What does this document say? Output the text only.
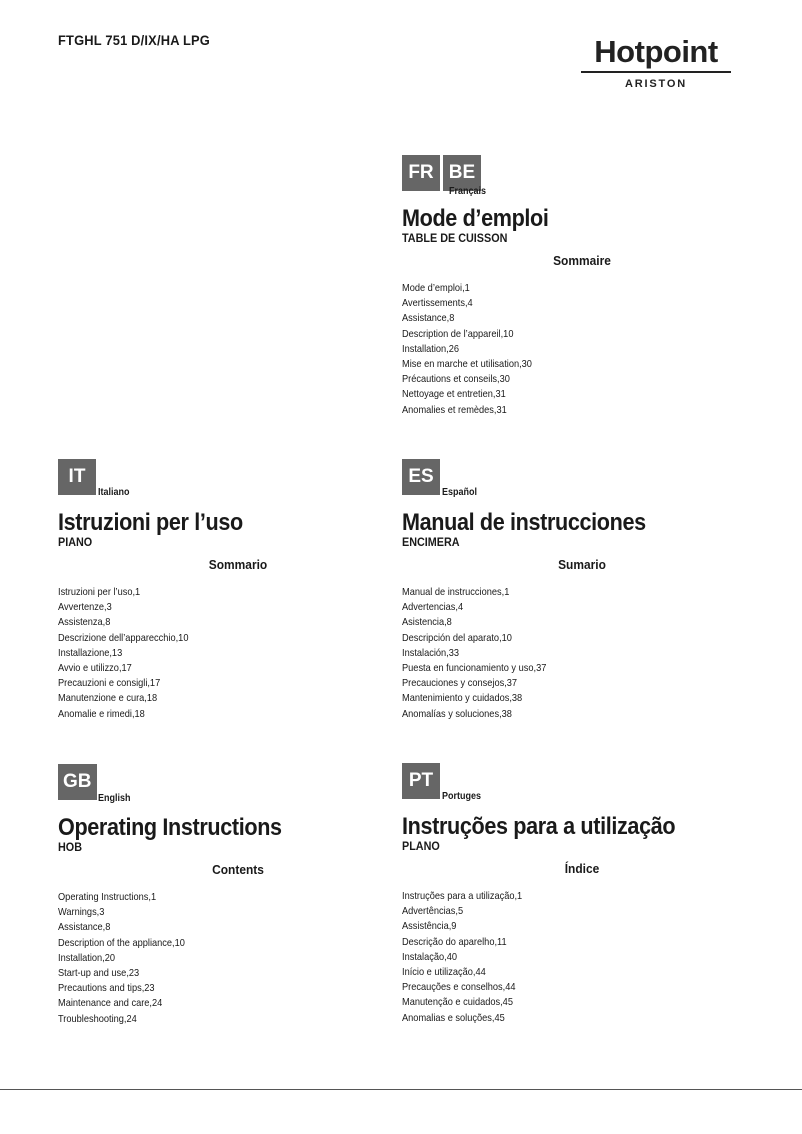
FTGHL 751 D/IX/HA LPG	Hotpoint
ARISTON
FR BE
Français
Mode d’emploi
TABLE DE CUISSON
Sommaire
Mode d’emploi,1
Avertissements,4
Assistance,8
Description de l’appareil,10
Installation,26
Mise en marche et utilisation,30
Précautions et conseils,30
Nettoyage et entretien,31
Anomalies et remèdes,31
IT
Italiano
Istruzioni per l’uso
PIANO
Sommario
Istruzioni per l’uso,1
Avvertenze,3
Assistenza,8
Descrizione dell’apparecchio,10
Installazione,13
Avvio e utilizzo,17
Precauzioni e consigli,17
Manutenzione e cura,18
Anomalie e rimedi,18
ES
Español
Manual de instrucciones
ENCIMERA
Sumario
Manual de instrucciones,1
Advertencias,4
Asistencia,8
Descripción del aparato,10
Instalación,33
Puesta en funcionamiento y uso,37
Precauciones y consejos,37
Mantenimiento y cuidados,38
Anomalías y soluciones,38
GB
English
Operating Instructions
HOB
Contents
Operating Instructions,1
Warnings,3
Assistance,8
Description of the appliance,10
Installation,20
Start-up and use,23
Precautions and tips,23
Maintenance and care,24
Troubleshooting,24
PT
Portuges
Instruções para a utilização
PLANO
Índice
Instruções para a utilização,1
Advertências,5
Assistência,9
Descrição do aparelho,11
Instalação,40
Início e utilização,44
Precauções e conselhos,44
Manutenção e cuidados,45
Anomalias e soluções,45
